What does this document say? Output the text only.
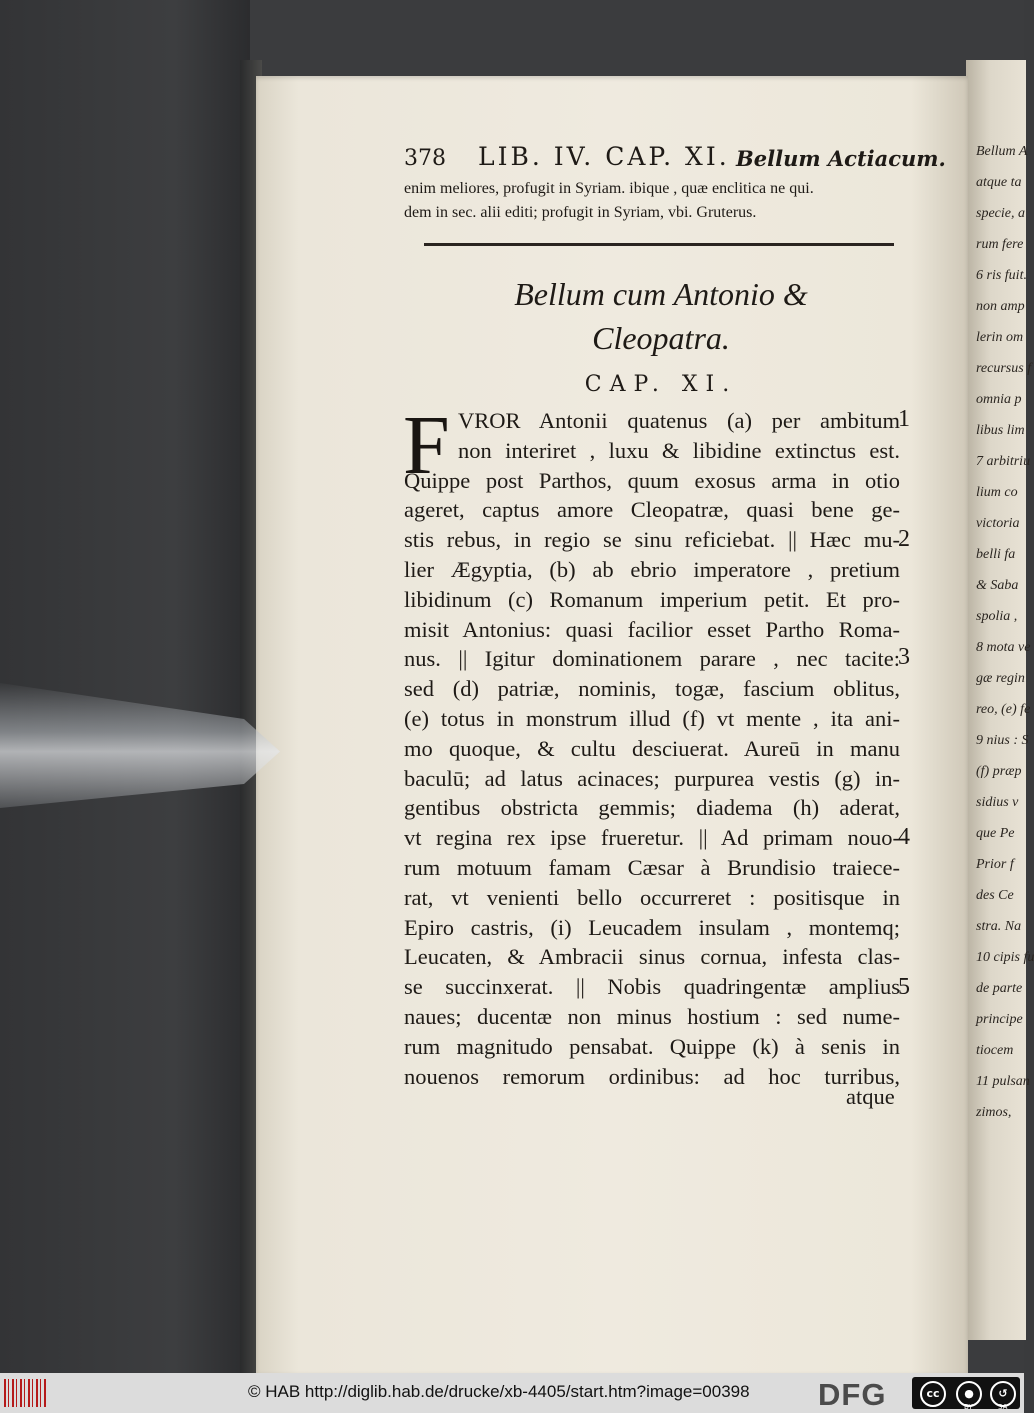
Bellum A
atque ta
specie, a
rum fere
6 ris fuit.
non amp
lerin om
recursus f
omnia p
libus lim
7 arbitriu
lium co
victoria
belli fa
& Saba
spolia ,
8 mota ve
gæ regin
reo, (e) fe
9 nius : S
(f) præp
sidius v
que Pe
Prior f
des Ce
stra. Na
10 cipis fu
de parte
principe
tiocem
11 pulsan
zimos,
378 LIB. IV. CAP. XI. Bellum Actiacum.
enim meliores, profugit in Syriam. ibique , quæ enclitica ne qui.
dem in sec. alii editi; profugit in Syriam, vbi. Gruterus.
Bellum cum Antonio &
Cleopatra.
CAP. XI.
F VROR Antonii quatenus (a) per ambitum
non interiret , luxu & libidine extinctus est.
Quippe post Parthos, quum exosus arma in otio
ageret, captus amore Cleopatræ, quasi bene ge-
stis rebus, in regio se sinu reficiebat. || Hæc mu-
lier Ægyptia, (b) ab ebrio imperatore , pretium
libidinum (c) Romanum imperium petit. Et pro-
misit Antonius: quasi facilior esset Partho Roma-
nus. || Igitur dominationem parare , nec tacite:
sed (d) patriæ, nominis, togæ, fascium oblitus,
(e) totus in monstrum illud (f) vt mente , ita ani-
mo quoque, & cultu desciuerat. Aureū in manu
baculū; ad latus acinaces; purpurea vestis (g) in-
gentibus obstricta gemmis; diadema (h) aderat,
vt regina rex ipse frueretur. || Ad primam nouo-
rum motuum famam Cæsar à Brundisio traiece-
rat, vt venienti bello occurreret : positisque in
Epiro castris, (i) Leucadem insulam , montemq;
Leucaten, & Ambracii sinus cornua, infesta clas-
se succinxerat. || Nobis quadringentæ amplius
naues; ducentæ non minus hostium : sed nume-
rum magnitudo pensabat. Quippe (k) à senis in
nouenos remorum ordinibus: ad hoc turribus,
atque
1
2
3
4
5
© HAB http://diglib.hab.de/drucke/xb-4405/start.htm?image=00398 DFG	cc	●	↺
BY	SA
